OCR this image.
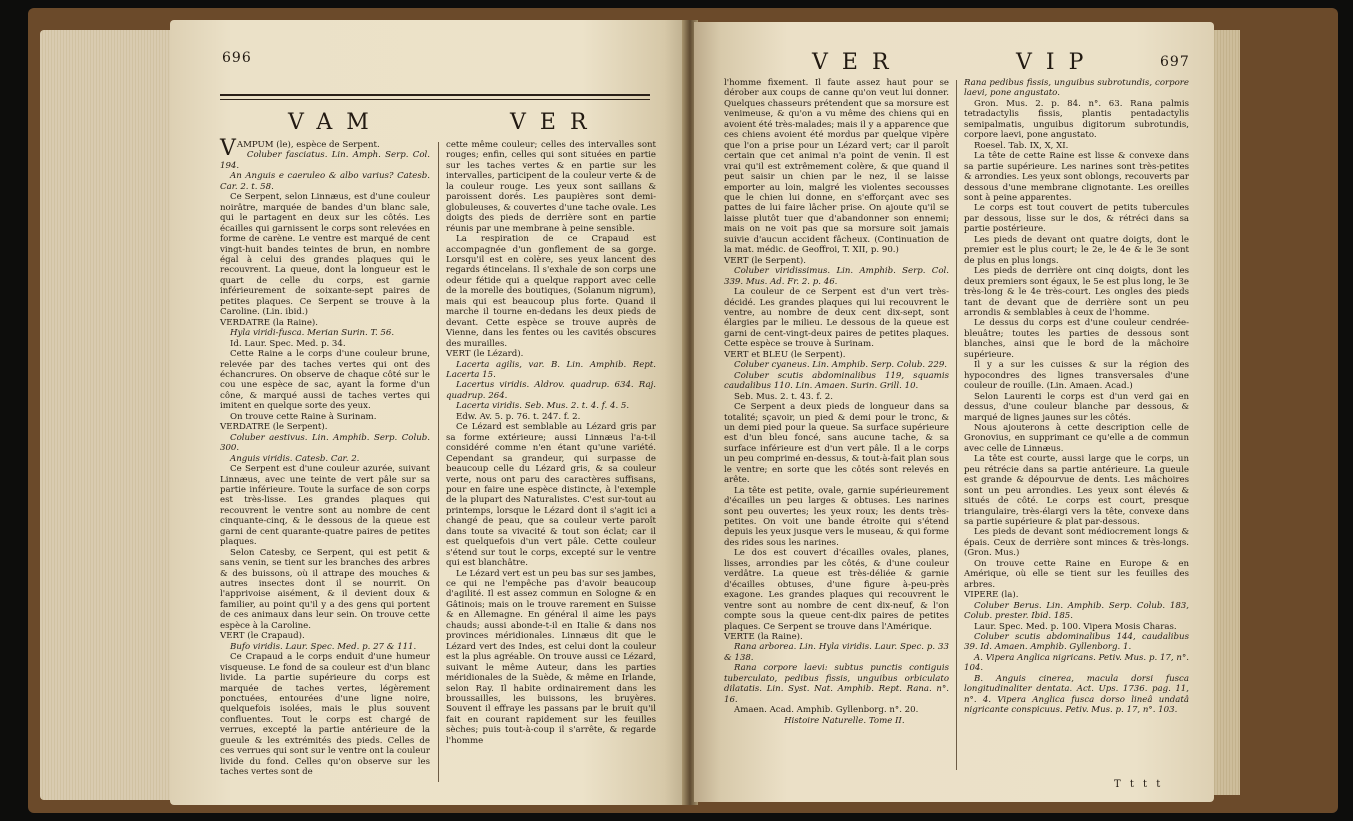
696
VAM	VER

VAMPUM (le), espèce de Serpent.

Coluber fasciatus. Lin. Amph. Serp. Col. 194.

An Anguis e caeruleo & albo varius? Catesb. Car. 2. t. 58.

Ce Serpent, selon Linnæus, est d'une couleur noirâtre, marquée de bandes d'un blanc sale, qui le partagent en deux sur les côtés. Les écailles qui garnissent le corps sont relevées en forme de carène. Le ventre est marqué de cent vingt-huit bandes teintes de brun, en nombre égal à celui des grandes plaques qui le recouvrent. La queue, dont la longueur est le quart de celle du corps, est garnie inférieurement de soixante-sept paires de petites plaques. Ce Serpent se trouve à la Caroline. (Lin. ibid.)

VERDATRE (la Raine).

Hyla viridi-fusca. Merian Surin. T. 56.

Id. Laur. Spec. Med. p. 34.

Cette Raine a le corps d'une couleur brune, relevée par des taches vertes qui ont des échancrures. On observe de chaque côté sur le cou une espèce de sac, ayant la forme d'un cône, & marqué aussi de taches vertes qui imitent en quelque sorte des yeux.

On trouve cette Raine à Surinam.

VERDATRE (le Serpent).

Coluber aestivus. Lin. Amphib. Serp. Colub. 300.

Anguis viridis. Catesb. Car. 2.

Ce Serpent est d'une couleur azurée, suivant Linnæus, avec une teinte de vert pâle sur sa partie inférieure. Toute la surface de son corps est très-lisse. Les grandes plaques qui recouvrent le ventre sont au nombre de cent cinquante-cinq, & le dessous de la queue est garni de cent quarante-quatre paires de petites plaques.

Selon Catesby, ce Serpent, qui est petit & sans venin, se tient sur les branches des arbres & des buissons, où il attrape des mouches & autres insectes dont il se nourrit. On l'apprivoise aisément, & il devient doux & familier, au point qu'il y a des gens qui portent de ces animaux dans leur sein. On trouve cette espèce à la Caroline.

VERT (le Crapaud).

Bufo viridis. Laur. Spec. Med. p. 27 & 111.

Ce Crapaud a le corps enduit d'une humeur visqueuse. Le fond de sa couleur est d'un blanc livide. La partie supérieure du corps est marquée de taches vertes, légèrement ponctuées, entourées d'une ligne noire, quelquefois isolées, mais le plus souvent confluentes. Tout le corps est chargé de verrues, excepté la partie antérieure de la gueule & les extrémités des pieds. Celles de ces verrues qui sont sur le ventre ont la couleur livide du fond. Celles qu'on observe sur les taches vertes sont de

cette même couleur; celles des intervalles sont rouges; enfin, celles qui sont situées en partie sur les taches vertes & en partie sur les intervalles, participent de la couleur verte & de la couleur rouge. Les yeux sont saillans & paroissent dorés. Les paupières sont demi-globuleuses, & couvertes d'une tache ovale. Les doigts des pieds de derrière sont en partie réunis par une membrane à peine sensible.

La respiration de ce Crapaud est accompagnée d'un gonflement de sa gorge. Lorsqu'il est en colère, ses yeux lancent des regards étincelans. Il s'exhale de son corps une odeur fétide qui a quelque rapport avec celle de la morelle des boutiques, (Solanum nigrum), mais qui est beaucoup plus forte. Quand il marche il tourne en-dedans les deux pieds de devant. Cette espèce se trouve auprès de Vienne, dans les fentes ou les cavités obscures des murailles.

VERT (le Lézard).

Lacerta agilis, var. B. Lin. Amphib. Rept. Lacerta 15.

Lacertus viridis. Aldrov. quadrup. 634. Raj. quadrup. 264.

Lacerta viridis. Seb. Mus. 2. t. 4. f. 4. 5.

Edw. Av. 5. p. 76. t. 247. f. 2.

Ce Lézard est semblable au Lézard gris par sa forme extérieure; aussi Linnæus l'a-t-il considéré comme n'en étant qu'une variété. Cependant sa grandeur, qui surpasse de beaucoup celle du Lézard gris, & sa couleur verte, nous ont paru des caractères suffisans, pour en faire une espèce distincte, à l'exemple de la plupart des Naturalistes. C'est sur-tout au printemps, lorsque le Lézard dont il s'agit ici a changé de peau, que sa couleur verte paroît dans toute sa vivacité & tout son éclat; car il est quelquefois d'un vert pâle. Cette couleur s'étend sur tout le corps, excepté sur le ventre qui est blanchâtre.

Le Lézard vert est un peu bas sur ses jambes, ce qui ne l'empêche pas d'avoir beaucoup d'agilité. Il est assez commun en Sologne & en Gâtinois; mais on le trouve rarement en Suisse & en Allemagne. En général il aime les pays chauds; aussi abonde-t-il en Italie & dans nos provinces méridionales. Linnæus dit que le Lézard vert des Indes, est celui dont la couleur est la plus agréable. On trouve aussi ce Lézard, suivant le même Auteur, dans les parties méridionales de la Suède, & même en Irlande, selon Ray. Il habite ordinairement dans les broussailles, les buissons, les bruyères. Souvent il effraye les passans par le bruit qu'il fait en courant rapidement sur les feuilles sèches; puis tout-à-coup il s'arrête, & regarde l'homme

VER	VIP	697

l'homme fixement. Il faute assez haut pour se dérober aux coups de canne qu'on veut lui donner. Quelques chasseurs prétendent que sa morsure est venimeuse, & qu'on a vu même des chiens qui en avoient été très-malades; mais il y a apparence que ces chiens avoient été mordus par quelque vipère que l'on a prise pour un Lézard vert; car il paroît certain que cet animal n'a point de venin. Il est vrai qu'il est extrêmement colère, & que quand il peut saisir un chien par le nez, il se laisse emporter au loin, malgré les violentes secousses que le chien lui donne, en s'efforçant avec ses pattes de lui faire lâcher prise. On ajoute qu'il se laisse plutôt tuer que d'abandonner son ennemi; mais on ne voit pas que sa morsure soit jamais suivie d'aucun accident fâcheux. (Continuation de la mat. médic. de Geoffroi, T. XII, p. 90.)

VERT (le Serpent).

Coluber viridissimus. Lin. Amphib. Serp. Col. 339. Mus. Ad. Fr. 2. p. 46.

La couleur de ce Serpent est d'un vert très-décidé. Les grandes plaques qui lui recouvrent le ventre, au nombre de deux cent dix-sept, sont élargies par le milieu. Le dessous de la queue est garni de cent-vingt-deux paires de petites plaques. Cette espèce se trouve à Surinam.

VERT et BLEU (le Serpent).

Coluber cyaneus. Lin. Amphib. Serp. Colub. 229.

Coluber scutis abdominalibus 119, squamis caudalibus 110. Lin. Amaen. Surin. Grill. 10.

Seb. Mus. 2. t. 43. f. 2.

Ce Serpent a deux pieds de longueur dans sa totalité; sçavoir, un pied & demi pour le tronc, & un demi pied pour la queue. Sa surface supérieure est d'un bleu foncé, sans aucune tache, & sa surface inférieure est d'un vert pâle. Il a le corps un peu comprimé en-dessus, & tout-à-fait plan sous le ventre; en sorte que les côtés sont relevés en arête.

La tête est petite, ovale, garnie supérieurement d'écailles un peu larges & obtuses. Les narines sont peu ouvertes; les yeux roux; les dents très-petites. On voit une bande étroite qui s'étend depuis les yeux jusque vers le museau, & qui forme des rides sous les narines.

Le dos est couvert d'écailles ovales, planes, lisses, arrondies par les côtés, & d'une couleur verdâtre. La queue est très-déliée & garnie d'écailles obtuses, d'une figure à-peu-près exagone. Les grandes plaques qui recouvrent le ventre sont au nombre de cent dix-neuf, & l'on compte sous la queue cent-dix paires de petites plaques. Ce Serpent se trouve dans l'Amérique.

VERTE (la Raine).

Rana arborea. Lin. Hyla viridis. Laur. Spec. p. 33 & 138.

Rana corpore laevi: subtus punctis contiguis tuberculato, pedibus fissis, unguibus orbiculato dilatatis. Lin. Syst. Nat. Amphib. Rept. Rana. n°. 16.

Amaen. Acad. Amphib. Gyllenborg. n°. 20.

Histoire Naturelle. Tome II.

Rana pedibus fissis, unguibus subrotundis, corpore laevi, pone angustato.

Gron. Mus. 2. p. 84. n°. 63. Rana palmis tetradactylis fissis, plantis pentadactylis semipalmatis, unguibus digitorum subrotundis, corpore laevi, pone angustato.

Roesel. Tab. IX, X, XI.

La tête de cette Raine est lisse & convexe dans sa partie supérieure. Les narines sont très-petites & arrondies. Les yeux sont oblongs, recouverts par dessous d'une membrane clignotante. Les oreilles sont à peine apparentes.

Le corps est tout couvert de petits tubercules par dessous, lisse sur le dos, & rétréci dans sa partie postérieure.

Les pieds de devant ont quatre doigts, dont le premier est le plus court; le 2e, le 4e & le 3e sont de plus en plus longs.

Les pieds de derrière ont cinq doigts, dont les deux premiers sont égaux, le 5e est plus long, le 3e très-long & le 4e très-court. Les ongles des pieds tant de devant que de derrière sont un peu arrondis & semblables à ceux de l'homme.

Le dessus du corps est d'une couleur cendrée-bleuâtre; toutes les parties de dessous sont blanches, ainsi que le bord de la mâchoire supérieure.

Il y a sur les cuisses & sur la région des hypocondres des lignes transversales d'une couleur de rouille. (Lin. Amaen. Acad.)

Selon Laurenti le corps est d'un verd gai en dessus, d'une couleur blanche par dessous, & marqué de lignes jaunes sur les côtés.

Nous ajouterons à cette description celle de Gronovius, en supprimant ce qu'elle a de commun avec celle de Linnæus.

La tête est courte, aussi large que le corps, un peu rétrécie dans sa partie antérieure. La gueule est grande & dépourvue de dents. Les mâchoires sont un peu arrondies. Les yeux sont élevés & situés de côté. Le corps est court, presque triangulaire, très-élargi vers la tête, convexe dans sa partie supérieure & plat par-dessous.

Les pieds de devant sont médiocrement longs & épais. Ceux de derrière sont minces & très-longs. (Gron. Mus.)

On trouve cette Raine en Europe & en Amérique, où elle se tient sur les feuilles des arbres.

VIPERE (la).

Coluber Berus. Lin. Amphib. Serp. Colub. 183, Colub. prester. Ibid. 185.

Laur. Spec. Med. p. 100. Vipera Mosis Charas.

Coluber scutis abdominalibus 144, caudalibus 39. Id. Amaen. Amphib. Gyllenborg. 1.

A. Vipera Anglica nigricans. Petiv. Mus. p. 17, n°. 104.

B. Anguis cinerea, macula dorsi fusca longitudinaliter dentata. Act. Ups. 1736. pag. 11, n°. 4. Vipera Anglica fusca dorso lineâ undatâ nigricante conspicuus. Petiv. Mus. p. 17, n°. 103.

T t t t
